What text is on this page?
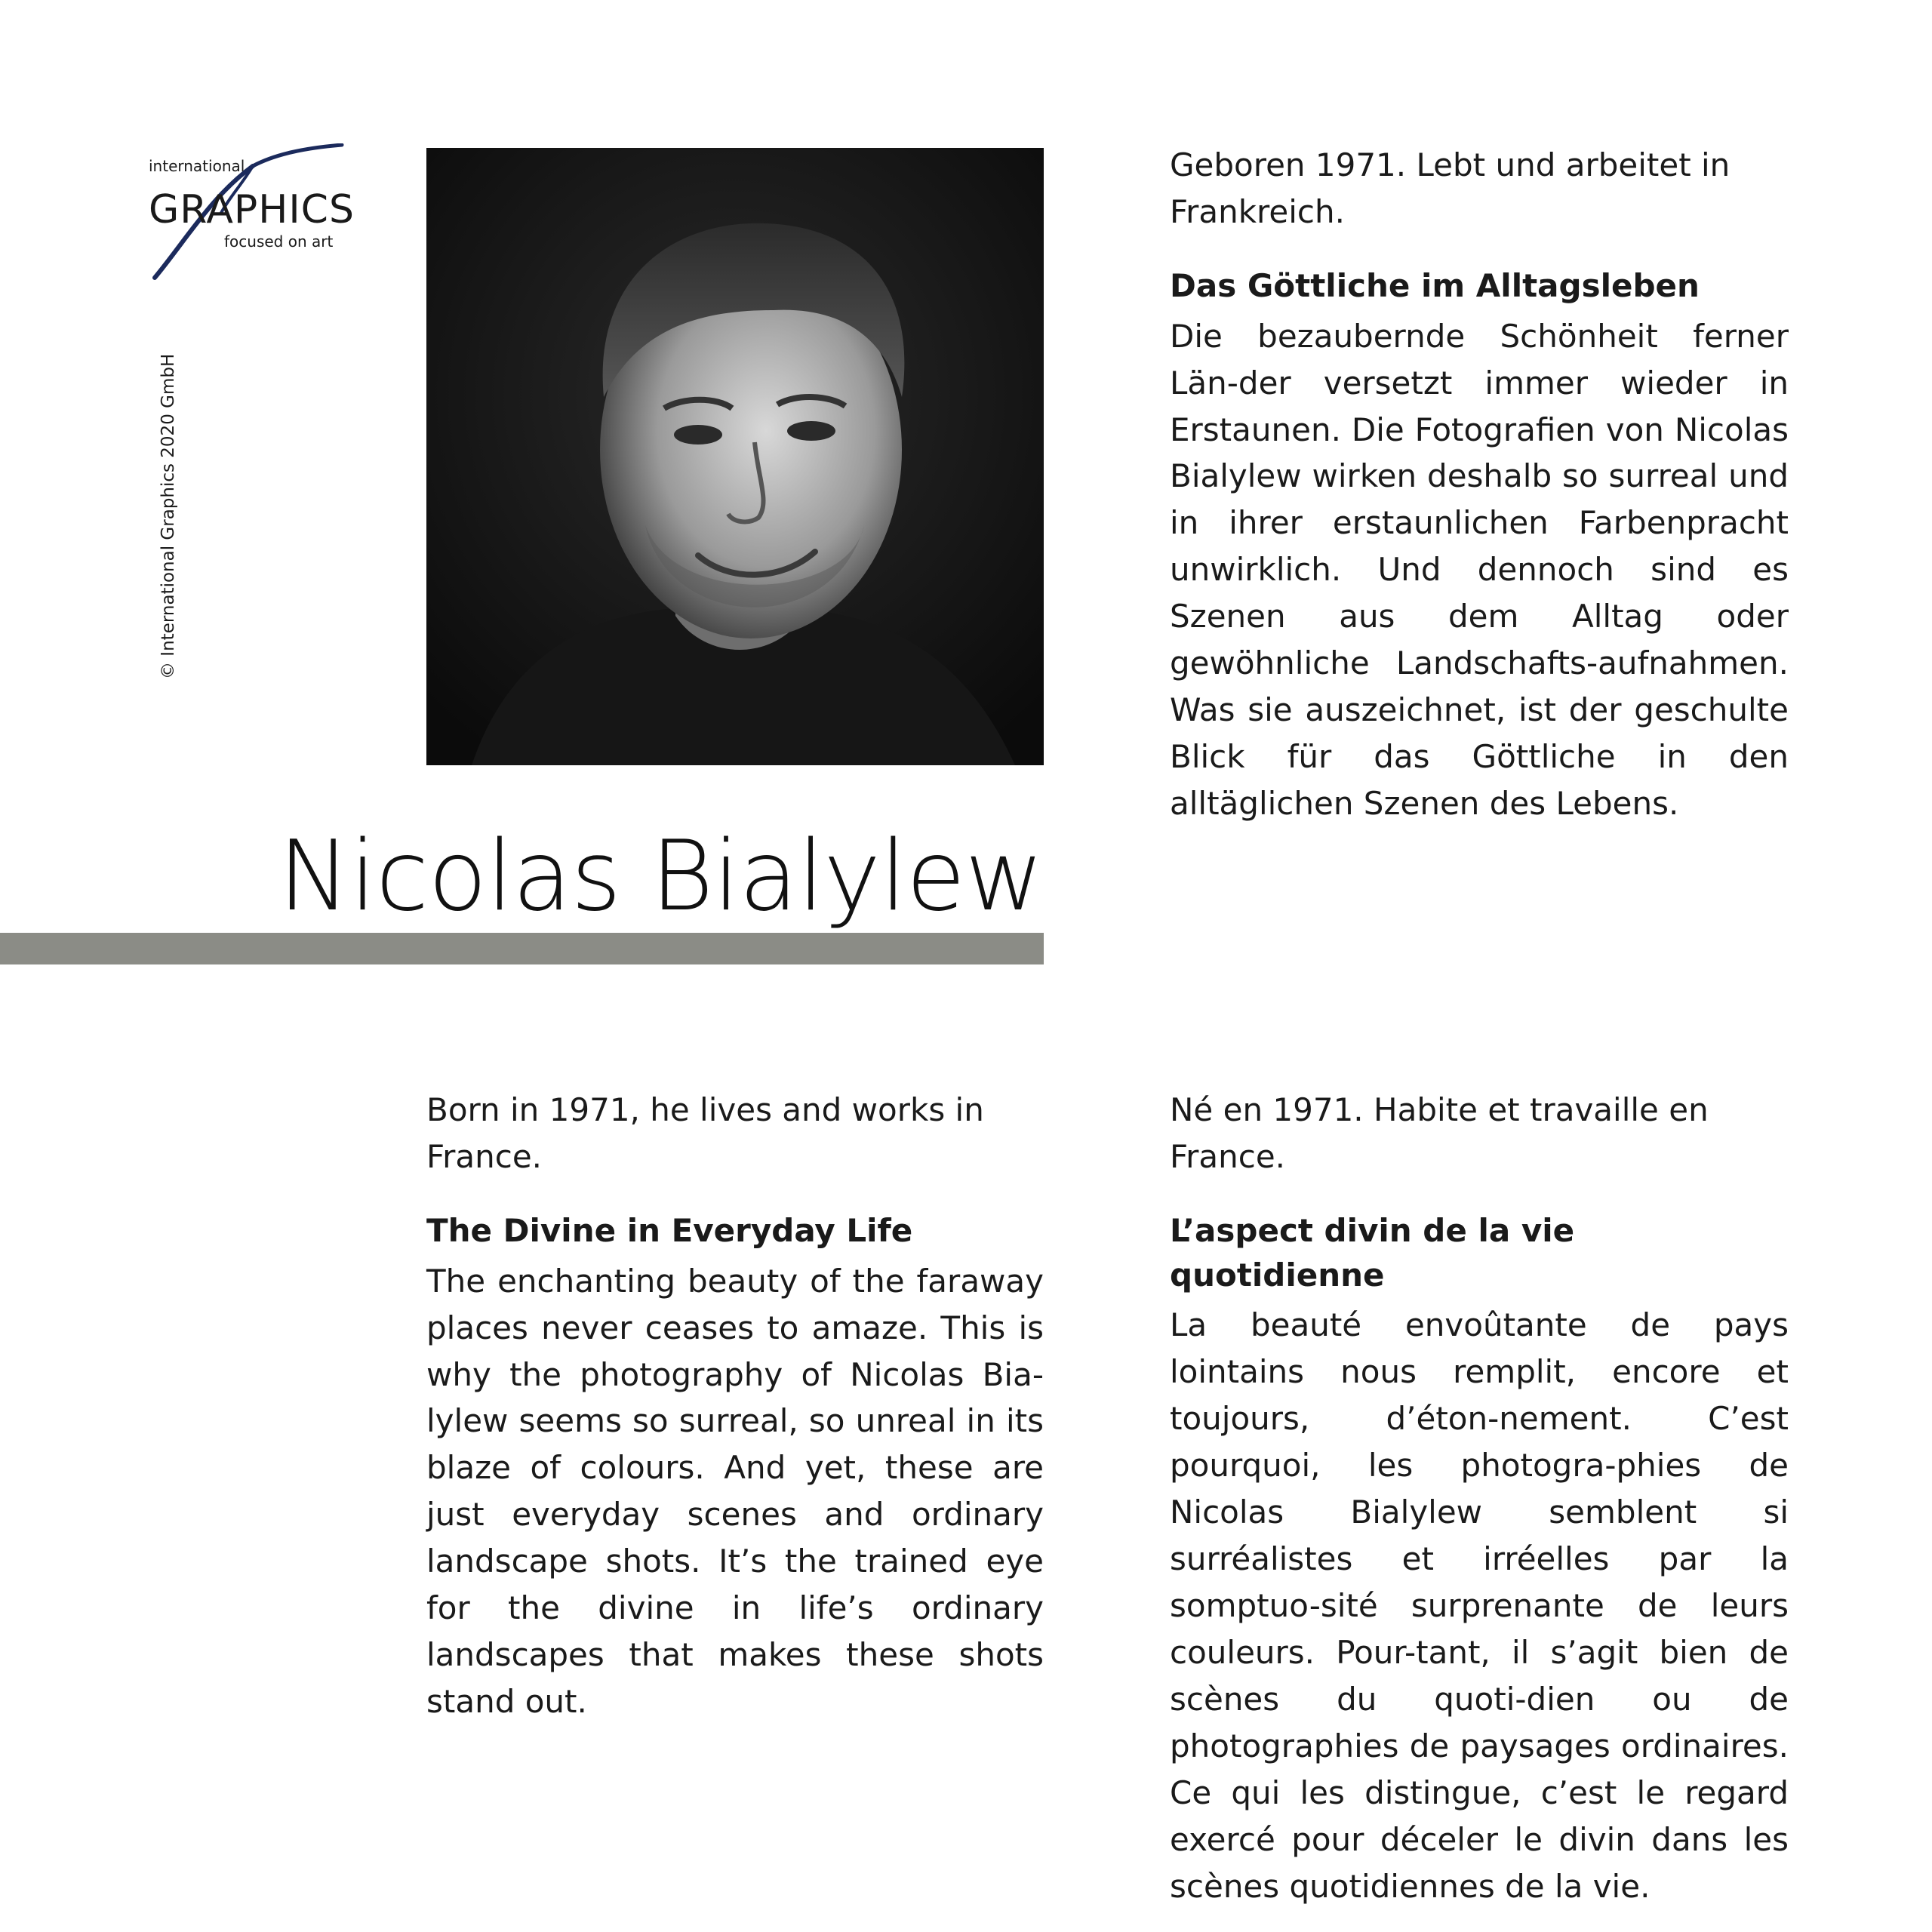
international
GRAPHICS
focused on art
© International Graphics 2020 GmbH
Nicolas Bialylew

Geboren 1971. Lebt und arbeitet in Frankreich.

Das Göttliche im Alltagsleben

Die bezaubernde Schönheit ferner Län-der versetzt immer wieder in Erstaunen. Die Fotografien von Nicolas Bialylew wirken deshalb so surreal und in ihrer erstaunlichen Farbenpracht unwirklich. Und dennoch sind es Szenen aus dem Alltag oder gewöhnliche Landschafts-aufnahmen. Was sie auszeichnet, ist der geschulte Blick für das Göttliche in den alltäglichen Szenen des Lebens.

Born in 1971, he lives and works in France.

The Divine in Everyday Life

The enchanting beauty of the faraway places never ceases to amaze. This is why the photography of Nicolas Bia-lylew seems so surreal, so unreal in its blaze of colours. And yet, these are just everyday scenes and ordinary landscape shots. It’s the trained eye for the divine in life’s ordinary landscapes that makes these shots stand out.

Né en 1971. Habite et travaille en France.

L’aspect divin de la vie quotidienne

La beauté envoûtante de pays lointains nous remplit, encore et toujours, d’éton-nement. C’est pourquoi, les photogra-phies de Nicolas Bialylew semblent si surréalistes et irréelles par la somptuo-sité surprenante de leurs couleurs. Pour-tant, il s’agit bien de scènes du quoti-dien ou de photographies de paysages ordinaires. Ce qui les distingue, c’est le regard exercé pour déceler le divin dans les scènes quotidiennes de la vie.
